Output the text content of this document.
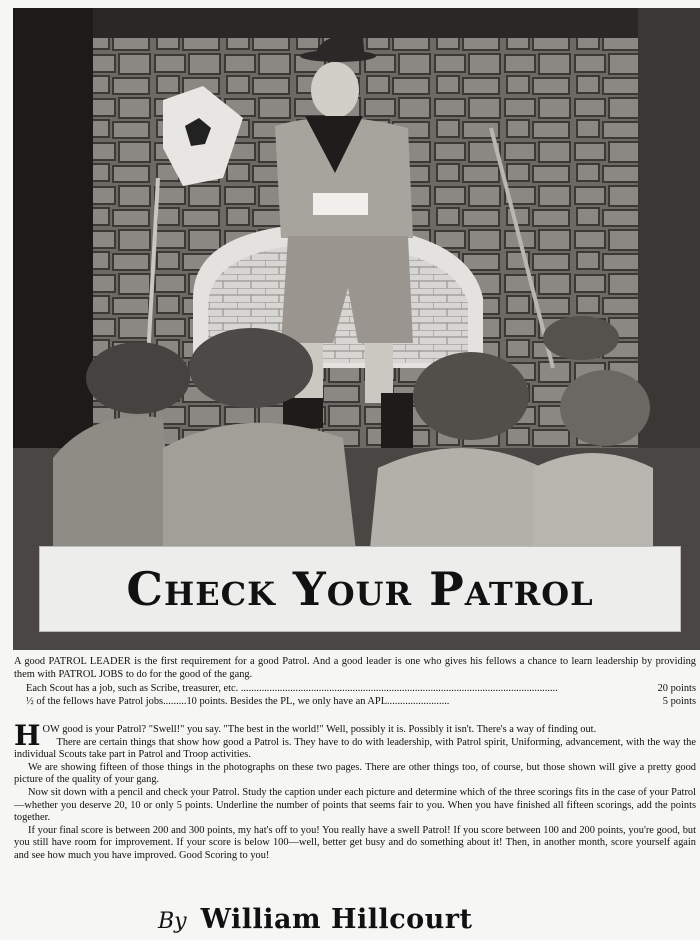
Check Your Patrol

A good PATROL LEADER is the first requirement for a good Patrol. And a good leader is one who gives his fellows a chance to learn leadership by providing them with PATROL JOBS to do for the good of the gang.

Each Scout has a job, such as Scribe, treasurer, etc. ..........................................................................................................................	20 points
½ of the fellows have Patrol jobs ......... 10 points. Besides the PL, we only have an APL ........................	5 points

HOW good is your Patrol? "Swell!" you say. "The best in the world!" Well, possibly it is. Possibly it isn't. There's a way of finding out.

There are certain things that show how good a Patrol is. They have to do with leadership, with Patrol spirit, Uniforming, advancement, with the way the individual Scouts take part in Patrol and Troop activities.

We are showing fifteen of those things in the photographs on these two pages. There are other things too, of course, but those shown will give a pretty good picture of the quality of your gang.

Now sit down with a pencil and check your Patrol. Study the caption under each picture and determine which of the three scorings fits in the case of your Patrol—whether you deserve 20, 10 or only 5 points. Underline the number of points that seems fair to you. When you have finished all fifteen scorings, add the points together.

If your final score is between 200 and 300 points, my hat's off to you! You really have a swell Patrol! If you score between 100 and 200 points, you're good, but you still have room for improvement. If your score is below 100—well, better get busy and do something about it! Then, in another month, score yourself again and see how much you have improved. Good Scoring to you!

By William Hillcourt
